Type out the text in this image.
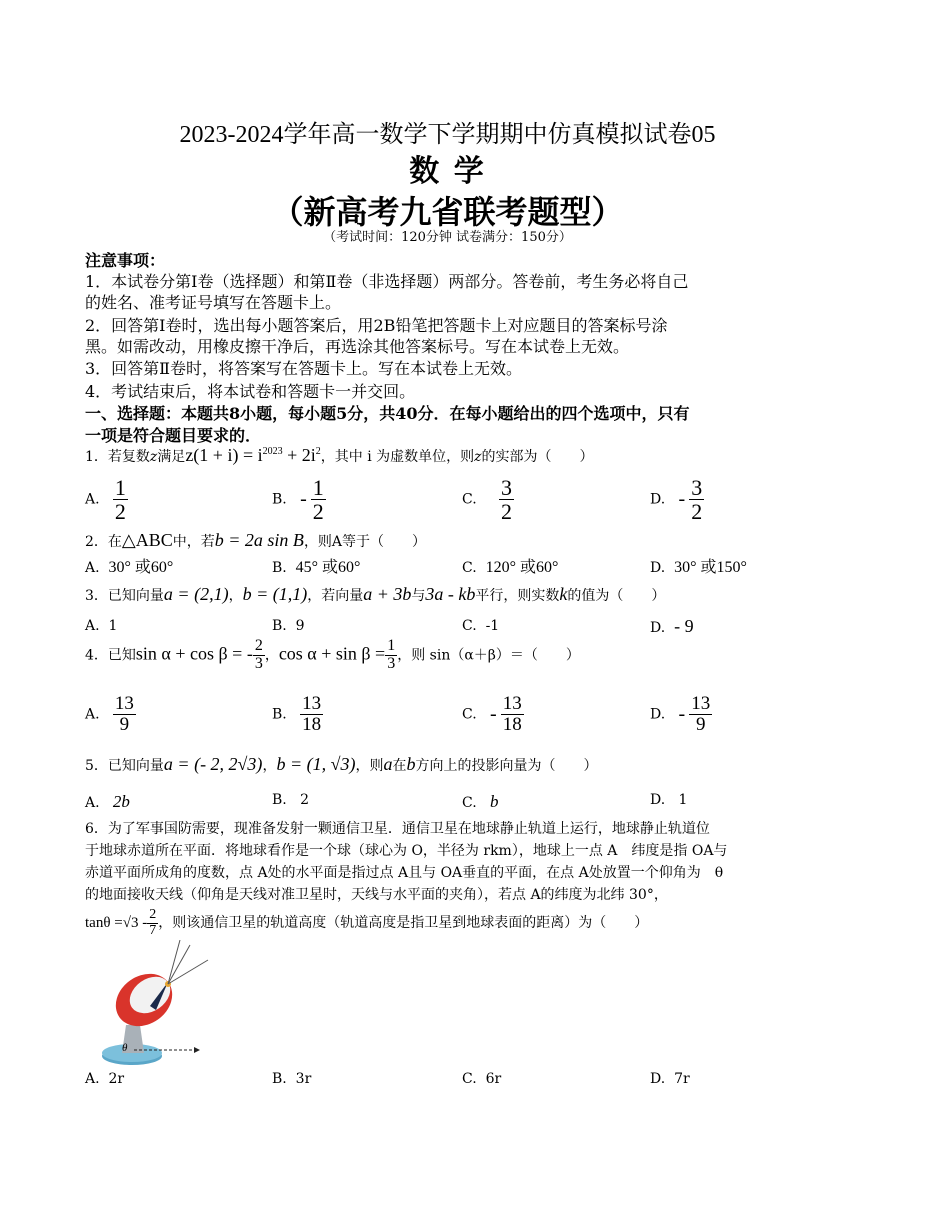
2023-2024学年高一数学下学期期中仿真模拟试卷05
数 学
（新高考九省联考题型）
（考试时间：120分钟 试卷满分：150分）
注意事项：
1．本试卷分第Ⅰ卷（选择题）和第Ⅱ卷（非选择题）两部分。答卷前，考生务必将自己
的姓名、准考证号填写在答题卡上。
2．回答第Ⅰ卷时，选出每小题答案后，用2B铅笔把答题卡上对应题目的答案标号涂
黑。如需改动，用橡皮擦干净后，再选涂其他答案标号。写在本试卷上无效。
3．回答第Ⅱ卷时，将答案写在答题卡上。写在本试卷上无效。
4．考试结束后，将本试卷和答题卡一并交回。
一、选择题：本题共8小题，每小题5分，共40分．在每小题给出的四个选项中，只有
一项是符合题目要求的．
1．若复数z满足$z(1 + i) = i^{2023} + 2i^2$，其中 i 为虚数单位，则z的实部为（　　）
A. $\frac{1}{2}$	B. - $\frac{1}{2}$	C. $\frac{3}{2}$	D. - $\frac{3}{2}$
2．在△ABC中，若b = 2a sin B，则A等于（　　）
A. 30° 或60°	B. 45° 或60°	C. 120° 或60°	D. 30° 或150°
3．已知向量a = (2,1)，b = (1,1)，若向量a + 3b与3a - kb平行，则实数k的值为（　　）
A. 1	B. 9	C. -1	D. - 9
4．已知sin α + cos β = - $\frac{2}{3}$ ，$\cos \alpha + \sin \beta = \frac{1}{3}$ ，则 sin（α＋β）＝（　　）
A. $\frac{13}{9}$	B. $\frac{13}{18}$	C. - $\frac{13}{18}$	D. - $\frac{13}{9}$
5．已知向量a = (- 2, 2√3)，b = (1, √3)，则a在b方向上的投影向量为（　　）
A. 2b	B. 2	C. b	D. 1
6．为了军事国防需要，现准备发射一颗通信卫星．通信卫星在地球静止轨道上运行，地球静止轨道位
于地球赤道所在平面．将地球看作是一个球（球心为 O，半径为 rkm），地球上一点 A　纬度是指 OA与
赤道平面所成角的度数，点 A处的水平面是指过点 A且与 OA垂直的平面，在点 A处放置一个仰角为　θ
的地面接收天线（仰角是天线对准卫星时，天线与水平面的夹角），若点 A的纬度为北纬 30°，
$\tan\theta =√3 - \frac{2}{7}$ ，则该通信卫星的轨道高度（轨道高度是指卫星到地球表面的距离）为（　　）
θ
A. 2r	B. 3r	C. 6r	D. 7r
